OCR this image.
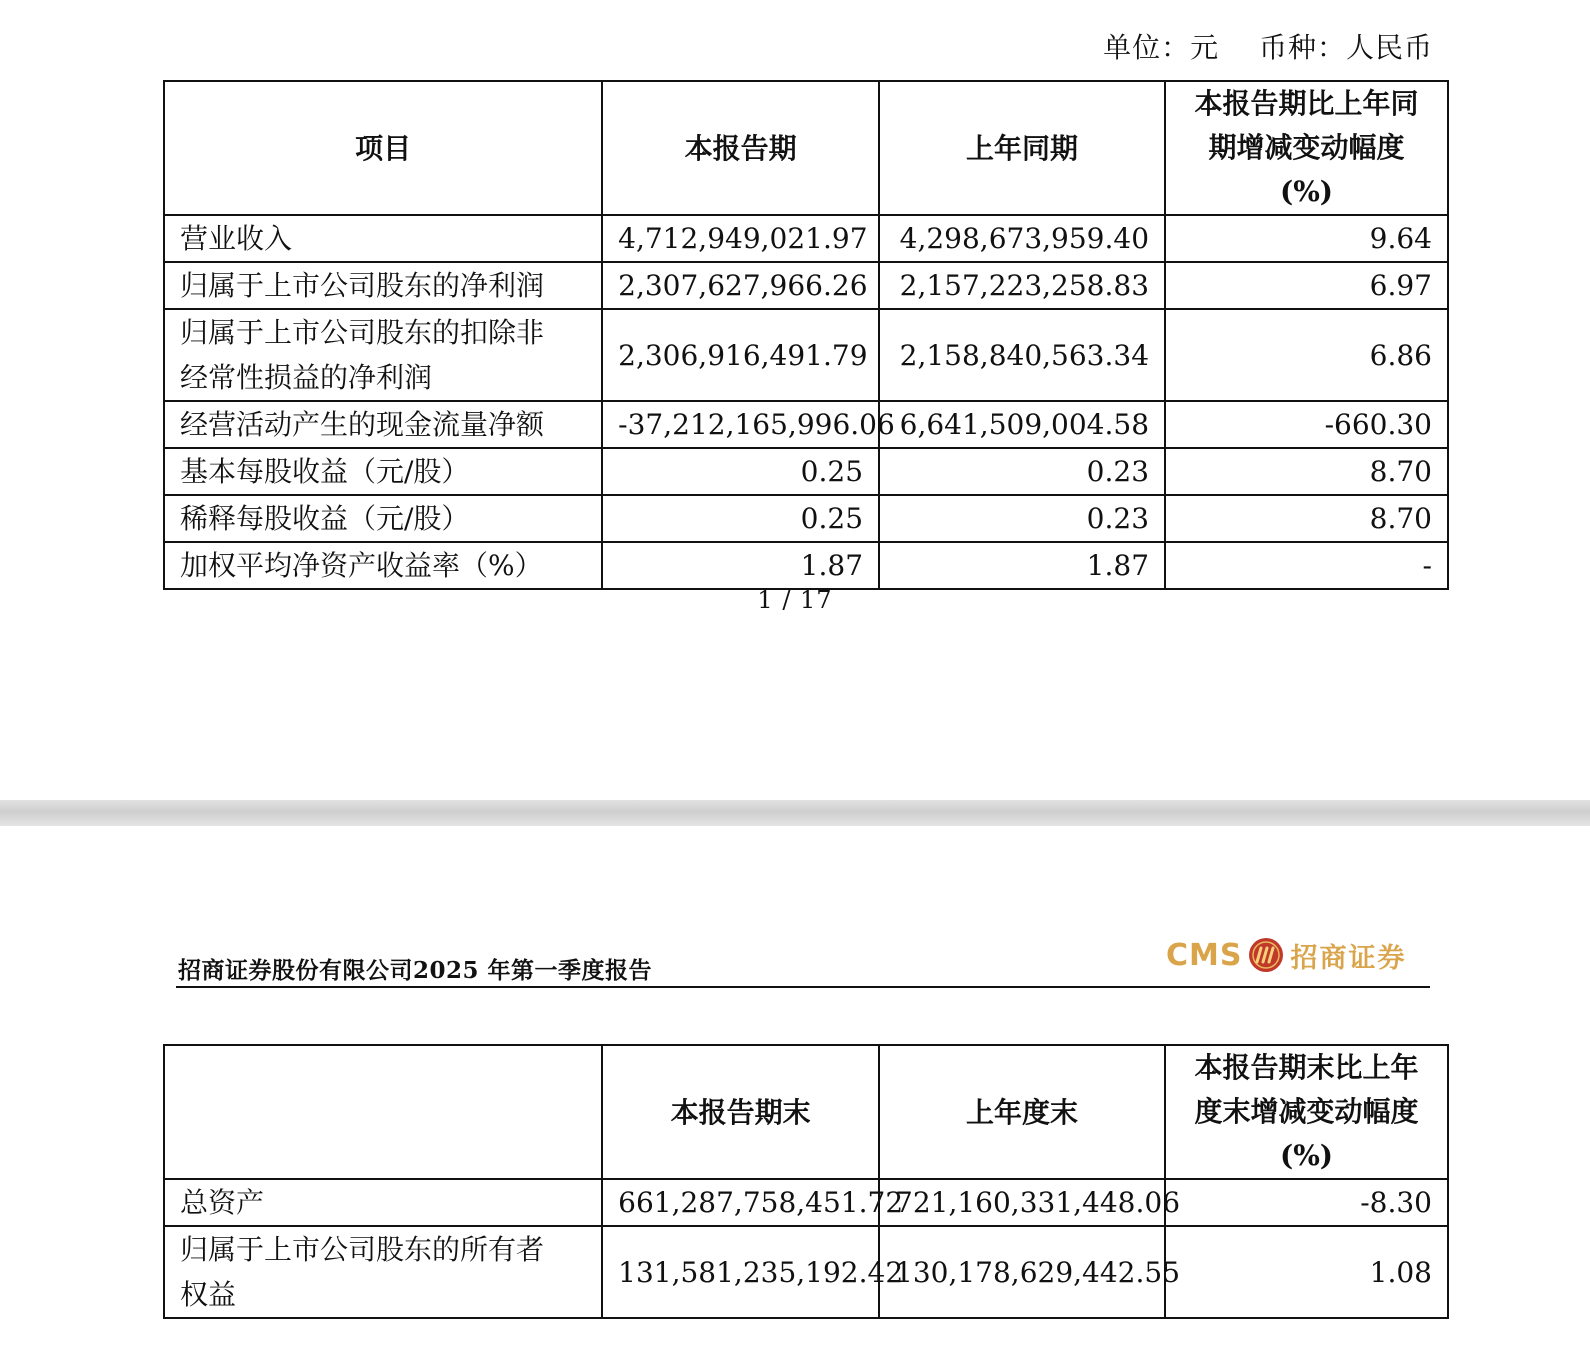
单位：元 币种：人民币
项目	本报告期	上年同期	本报告期比上年同
期增减变动幅度
(%)

营业收入	4,712,949,021.97	4,298,673,959.40	9.64
归属于上市公司股东的净利润	2,307,627,966.26	2,157,223,258.83	6.97

归属于上市公司股东的扣除非
经常性损益的净利润	2,306,916,491.79	2,158,840,563.34	6.86
经营活动产生的现金流量净额	-37,212,165,996.06	6,641,509,004.58	-660.30
基本每股收益（元/股）	0.25	0.23	8.70
稀释每股收益（元/股）	0.25	0.23	8.70
加权平均净资产收益率（%）	1.87	1.87	-
1 / 17
招商证券股份有限公司2025 年第一季度报告	CMS 招商证券
	本报告期末	上年度末	本报告期末比上年
度末增减变动幅度
(%)

总资产	661,287,758,451.72	721,160,331,448.06	-8.30

归属于上市公司股东的所有者
权益	131,581,235,192.42	130,178,629,442.55	1.08
